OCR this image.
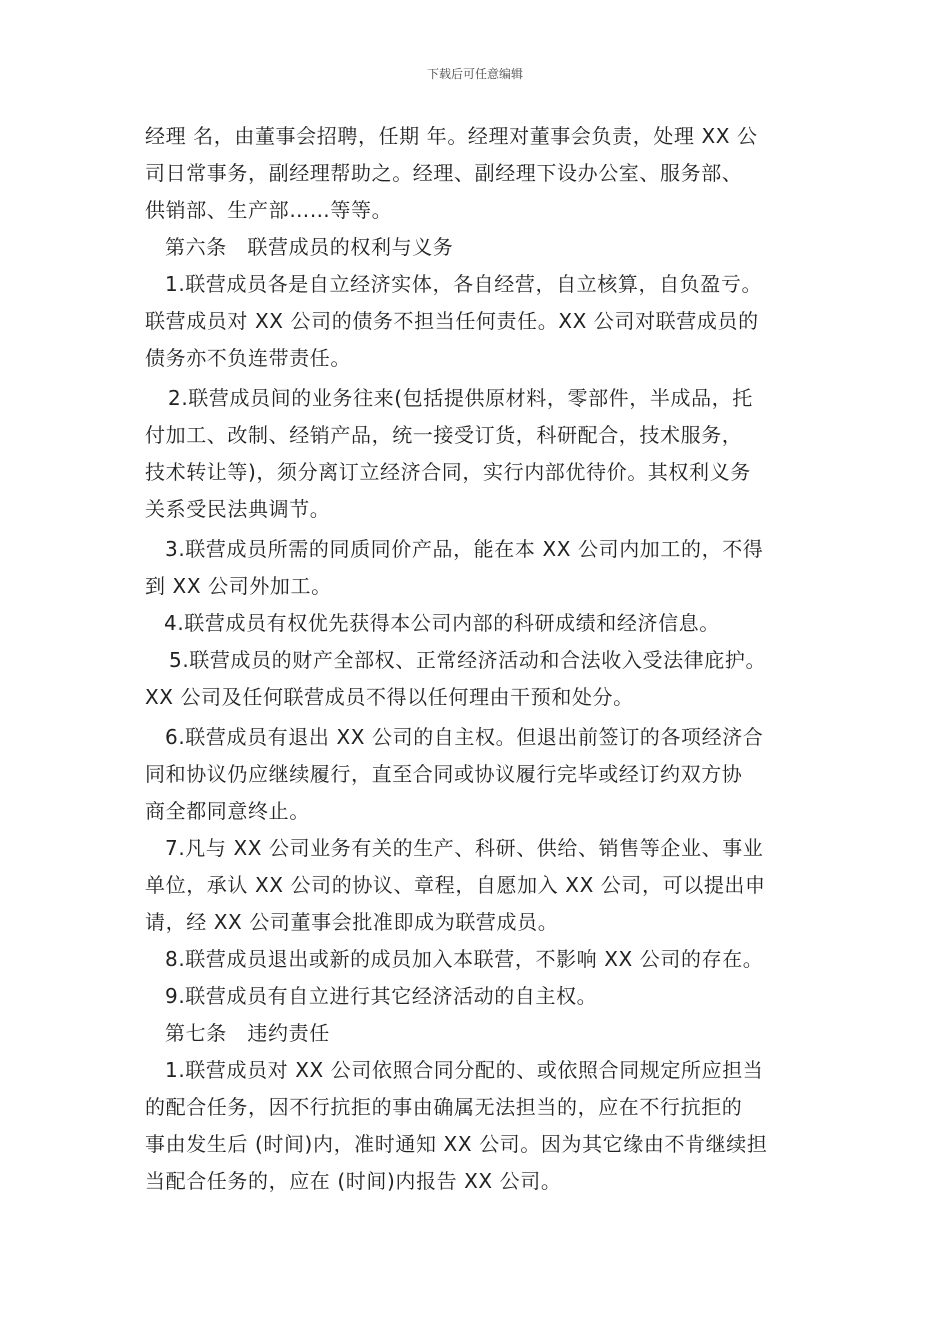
下载后可任意编辑
经理 名，由董事会招聘，任期 年。经理对董事会负责，处理 XX 公
司日常事务，副经理帮助之。经理、副经理下设办公室、服务部、
供销部、生产部……等等。
第六条　联营成员的权利与义务
1.联营成员各是自立经济实体，各自经营，自立核算，自负盈亏。
联营成员对 XX 公司的债务不担当任何责任。XX 公司对联营成员的
债务亦不负连带责任。
2.联营成员间的业务往来(包括提供原材料，零部件，半成品，托
付加工、改制、经销产品，统一接受订货，科研配合，技术服务，
技术转让等)，须分离订立经济合同，实行内部优待价。其权利义务
关系受民法典调节。
3.联营成员所需的同质同价产品，能在本 XX 公司内加工的，不得
到 XX 公司外加工。
4.联营成员有权优先获得本公司内部的科研成绩和经济信息。
5.联营成员的财产全部权、正常经济活动和合法收入受法律庇护。
XX 公司及任何联营成员不得以任何理由干预和处分。
6.联营成员有退出 XX 公司的自主权。但退出前签订的各项经济合
同和协议仍应继续履行，直至合同或协议履行完毕或经订约双方协
商全都同意终止。
7.凡与 XX 公司业务有关的生产、科研、供给、销售等企业、事业
单位，承认 XX 公司的协议、章程，自愿加入 XX 公司，可以提出申
请，经 XX 公司董事会批准即成为联营成员。
8.联营成员退出或新的成员加入本联营，不影响 XX 公司的存在。
9.联营成员有自立进行其它经济活动的自主权。
第七条　违约责任
1.联营成员对 XX 公司依照合同分配的、或依照合同规定所应担当
的配合任务，因不行抗拒的事由确属无法担当的，应在不行抗拒的
事由发生后 (时间)内，准时通知 XX 公司。因为其它缘由不肯继续担
当配合任务的，应在 (时间)内报告 XX 公司。
